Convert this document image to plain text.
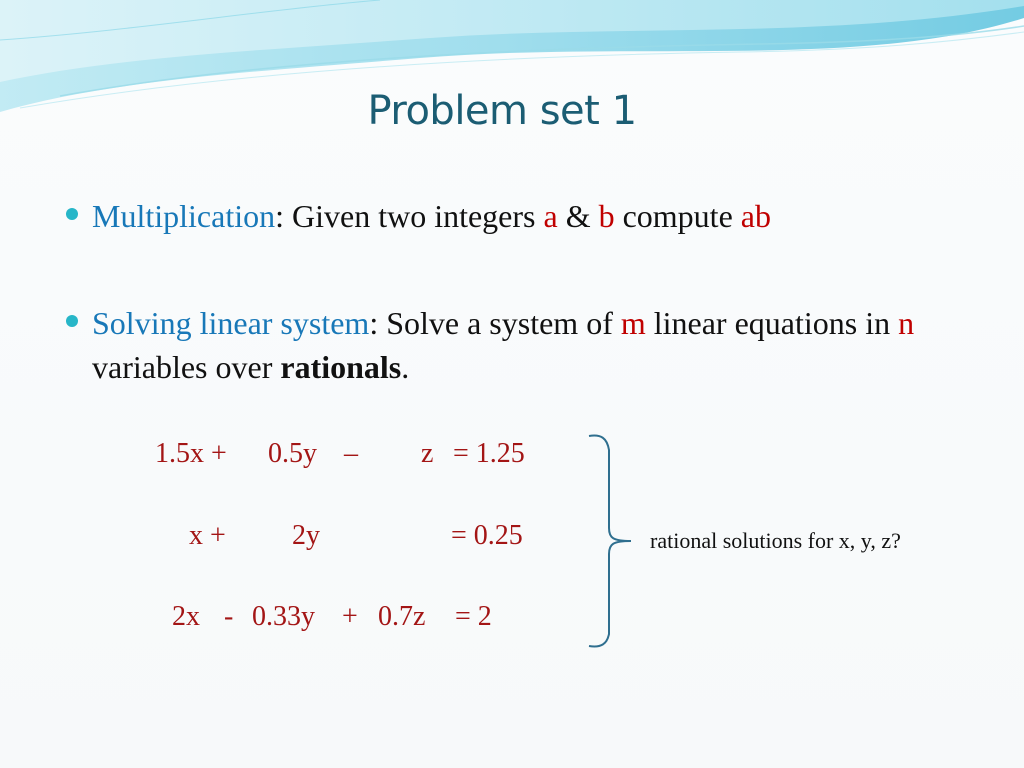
Problem set 1
Multiplication: Given two integers a & b compute ab
Solving linear system: Solve a system of m linear equations in n variables over rationals.
1.5x + 0.5y – z = 1.25
x + 2y	= 0.25
2x - 0.33y + 0.7z = 2
rational solutions for x, y, z?
